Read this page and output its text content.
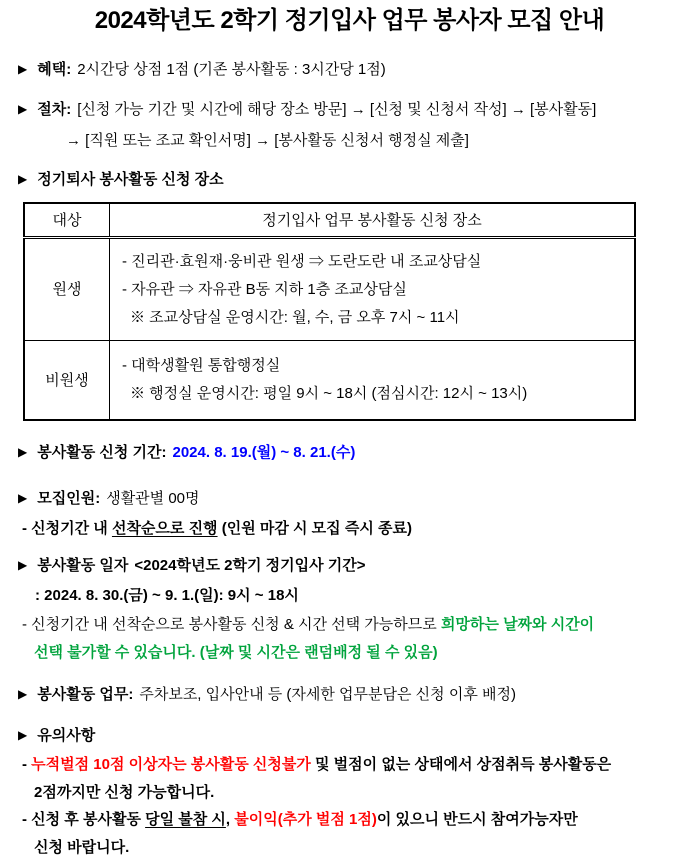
2024학년도 2학기 정기입사 업무 봉사자 모집 안내
▶ 혜택: 2시간당 상점 1점 (기존 봉사활동 : 3시간당 1점)
▶ 절차: [신청 가능 기간 및 시간에 해당 장소 방문] → [신청 및 신청서 작성] → [봉사활동]
→ [직원 또는 조교 확인서명] → [봉사활동 신청서 행정실 제출]
▶ 정기퇴사 봉사활동 신청 장소
대상	정기입사 업무 봉사활동 신청 장소
원생	- 진리관·효원재·웅비관 원생 ⇒ 도란도란 내 조교상담실
- 자유관 ⇒ 자유관 B동 지하 1층 조교상담실
※ 조교상담실 운영시간: 월, 수, 금 오후 7시 ~ 11시

비원생	- 대학생활원 통합행정실
※ 행정실 운영시간: 평일 9시 ~ 18시 (점심시간: 12시 ~ 13시)
▶ 봉사활동 신청 기간: 2024. 8. 19.(월) ~ 8. 21.(수)
▶ 모집인원: 생활관별 00명
- 신청기간 내 선착순으로 진행 (인원 마감 시 모집 즉시 종료)
▶ 봉사활동 일자 <2024학년도 2학기 정기입사 기간>
: 2024. 8. 30.(금) ~ 9. 1.(일): 9시 ~ 18시
- 신청기간 내 선착순으로 봉사활동 신청 & 시간 선택 가능하므로 희망하는 날짜와 시간이
선택 불가할 수 있습니다. (날짜 및 시간은 랜덤배정 될 수 있음)
▶ 봉사활동 업무: 주차보조, 입사안내 등 (자세한 업무분담은 신청 이후 배정)
▶ 유의사항
- 누적벌점 10점 이상자는 봉사활동 신청불가 및 벌점이 없는 상태에서 상점취득 봉사활동은
2점까지만 신청 가능합니다.
- 신청 후 봉사활동 당일 불참 시, 불이익(추가 벌점 1점)이 있으니 반드시 참여가능자만
신청 바랍니다.
